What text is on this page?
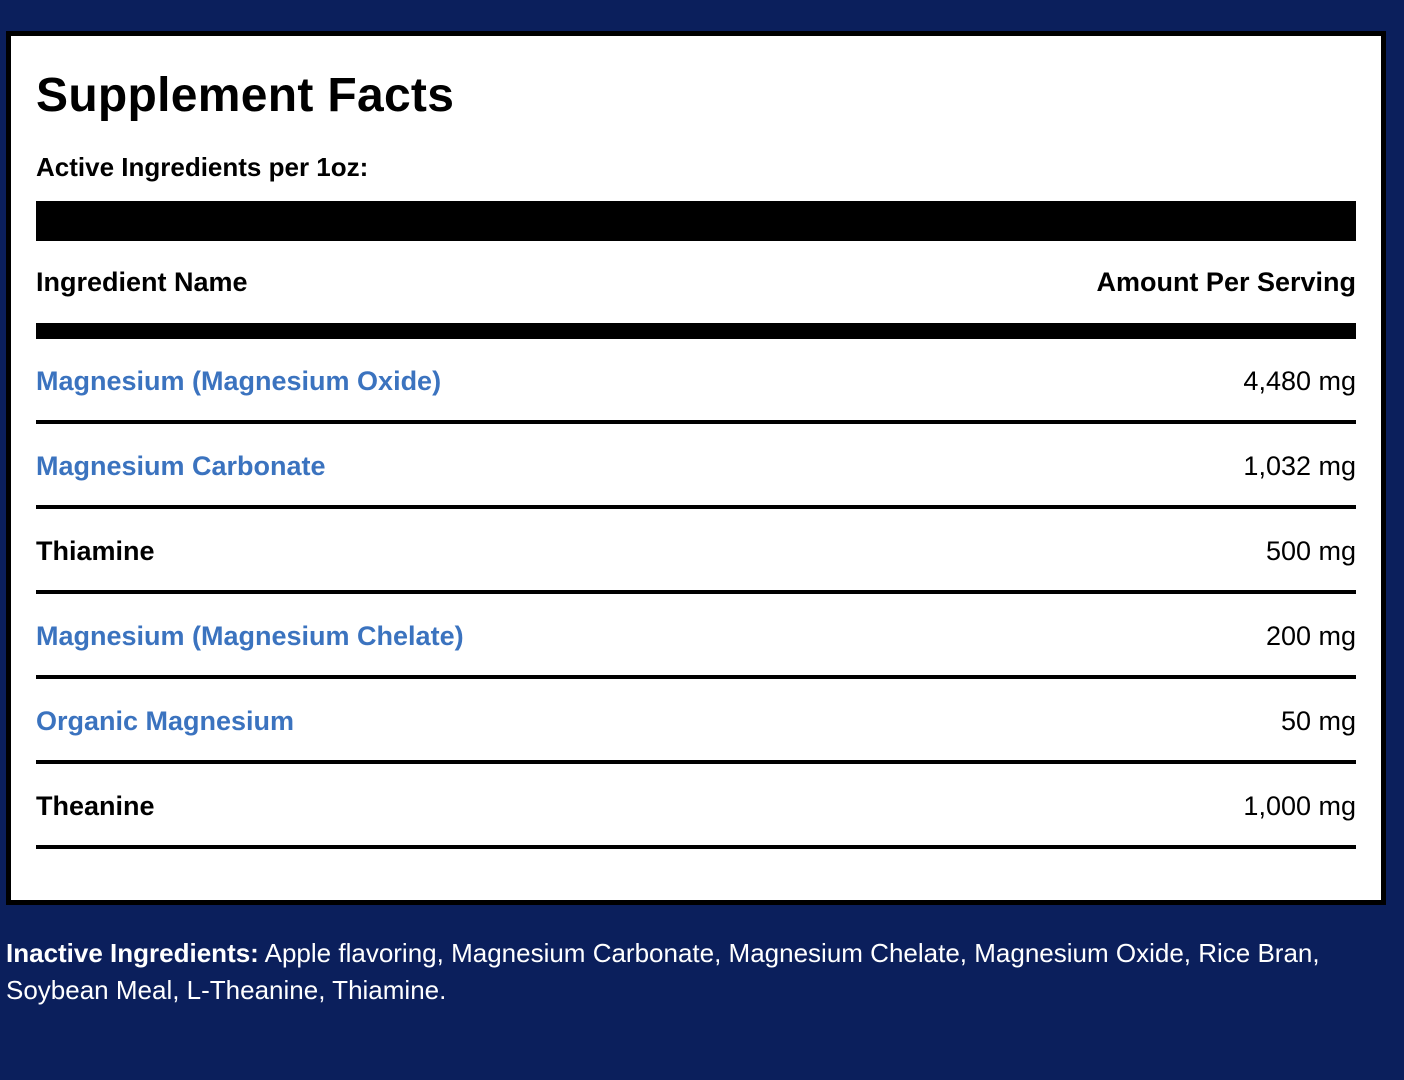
Supplement Facts
Active Ingredients per 1oz:
Ingredient Name	Amount Per Serving
Magnesium (Magnesium Oxide)	4,480 mg
Magnesium Carbonate	1,032 mg
Thiamine	500 mg
Magnesium (Magnesium Chelate)	200 mg
Organic Magnesium	50 mg
Theanine	1,000 mg

Inactive Ingredients: Apple flavoring, Magnesium Carbonate, Magnesium Chelate, Magnesium Oxide, Rice Bran, Soybean Meal, L-Theanine, Thiamine.
